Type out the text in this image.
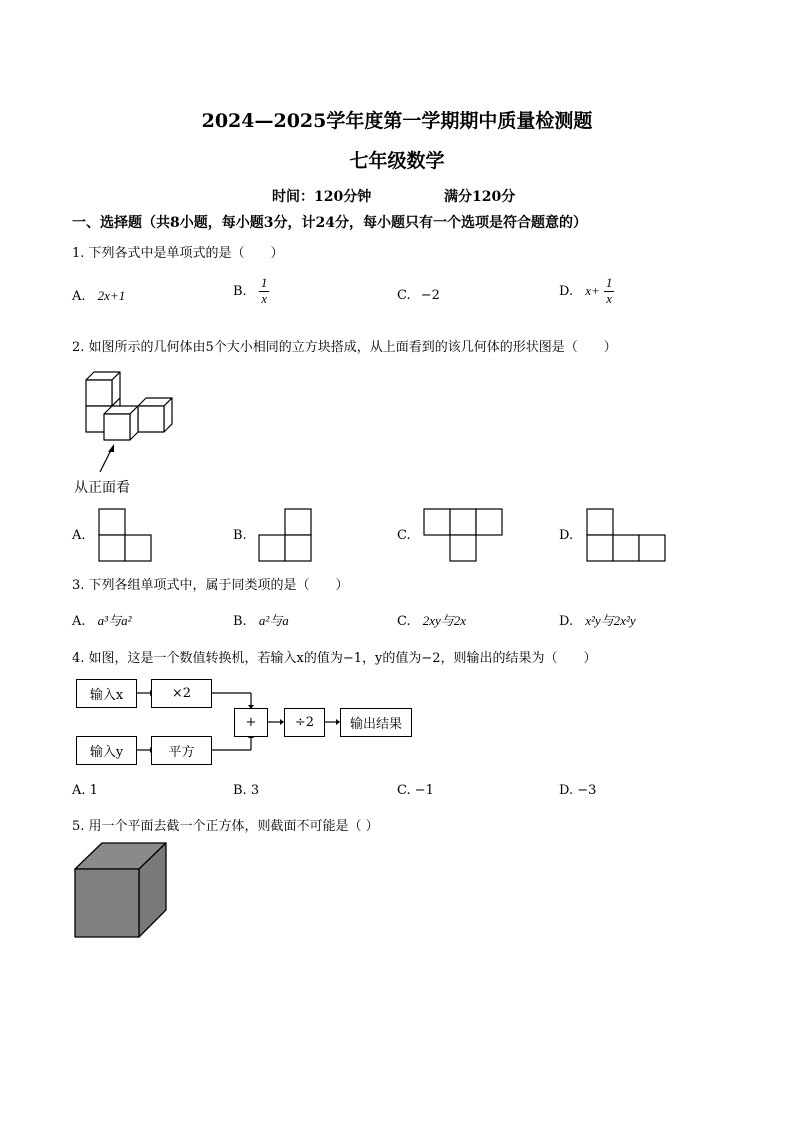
2024—2025学年度第一学期期中质量检测题
七年级数学
时间：120分钟	满分120分
一、选择题（共8小题，每小题3分，计24分，每小题只有一个选项是符合题意的）
1. 下列各式中是单项式的是（　　）
A. 2x+1	B. $\frac{1}{x}$	C. −2	D. $x+ \frac{1}{x}$
2. 如图所示的几何体由5个大小相同的立方块搭成，从上面看到的该几何体的形状图是（　　）
从正面看
A.	B.	C.	D.
3. 下列各组单项式中，属于同类项的是（　　）
A. a³与a²	B. a²与a	C. 2xy与2x	D. x²y与2x²y
4. 如图，这是一个数值转换机，若输入x的值为−1，y的值为−2，则输出的结果为（　　）
输入x	×2
输入y	平方
+	÷2	输出结果
A. 1	B. 3	C. −1	D. −3
5. 用一个平面去截一个正方体，则截面不可能是（ ）
